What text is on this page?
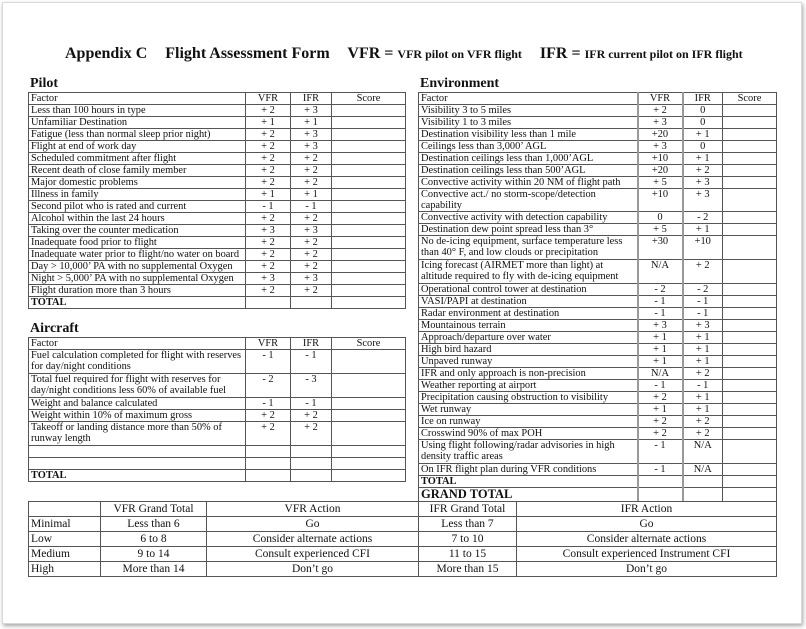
Appendix C Flight Assessment Form VFR = VFR pilot on VFR flight IFR = IFR current pilot on IFR flight
Pilot
Factor	VFR	IFR	Score
Less than 100 hours in type	+ 2	+ 3	
Unfamiliar Destination	+ 1	+ 1	
Fatigue (less than normal sleep prior night)	+ 2	+ 3	
Flight at end of work day	+ 2	+ 3	
Scheduled commitment after flight	+ 2	+ 2	
Recent death of close family member	+ 2	+ 2	
Major domestic problems	+ 2	+ 2	
Illness in family	+ 1	+ 1	
Second pilot who is rated and current	- 1	- 1	
Alcohol within the last 24 hours	+ 2	+ 2	
Taking over the counter medication	+ 3	+ 3	
Inadequate food prior to flight	+ 2	+ 2	
Inadequate water prior to flight/no water on board	+ 2	+ 2	
Day > 10,000’ PA with no supplemental Oxygen	+ 2	+ 2	
Night > 5,000’ PA with no supplemental Oxygen	+ 3	+ 3	
Flight duration more than 3 hours	+ 2	+ 2	
TOTAL			
Aircraft
Factor	VFR	IFR	Score
Fuel calculation completed for flight with reserves for day/night conditions	- 1	- 1	
Total fuel required for flight with reserves for day/night conditions less 60% of available fuel	- 2	- 3	
Weight and balance calculated	- 1	- 1	
Weight within 10% of maximum gross	+ 2	+ 2	
Takeoff or landing distance more than 50% of runway length	+ 2	+ 2	

TOTAL			
Environment
Factor	VFR	IFR	Score
Visibility 3 to 5 miles	+ 2	0	
Visibility 1 to 3 miles	+ 3	0	
Destination visibility less than 1 mile	+20	+ 1	
Ceilings less than 3,000’ AGL	+ 3	0	
Destination ceilings less than 1,000’AGL	+10	+ 1	
Destination ceilings less than 500’AGL	+20	+ 2	
Convective activity within 20 NM of flight path	+ 5	+ 3	
Convective act./ no storm-scope/detection capability	+10	+ 3	
Convective activity with detection capability	0	- 2	
Destination dew point spread less than 3°	+ 5	+ 1	
No de-icing equipment, surface temperature less than 40° F, and low clouds or precipitation	+30	+10	
Icing forecast (AIRMET more than light) at altitude required to fly with de-icing equipment	N/A	+ 2	
Operational control tower at destination	- 2	- 2	
VASI/PAPI at destination	- 1	- 1	
Radar environment at destination	- 1	- 1	
Mountainous terrain	+ 3	+ 3	
Approach/departure over water	+ 1	+ 1	
High bird hazard	+ 1	+ 1	
Unpaved runway	+ 1	+ 1	
IFR and only approach is non-precision	N/A	+ 2	
Weather reporting at airport	- 1	- 1	
Precipitation causing obstruction to visibility	+ 2	+ 1	
Wet runway	+ 1	+ 1	
Ice on runway	+ 2	+ 2	
Crosswind 90% of max POH	+ 2	+ 2	
Using flight following/radar advisories in high density traffic areas	- 1	N/A	
On IFR flight plan during VFR conditions	- 1	N/A	
TOTAL			
GRAND TOTAL			
	VFR Grand Total	VFR Action	IFR Grand Total	IFR Action
Minimal	Less than 6	Go	Less than 7	Go
Low	6 to 8	Consider alternate actions	7 to 10	Consider alternate actions
Medium	9 to 14	Consult experienced CFI	11 to 15	Consult experienced Instrument CFI
High	More than 14	Don’t go	More than 15	Don’t go
